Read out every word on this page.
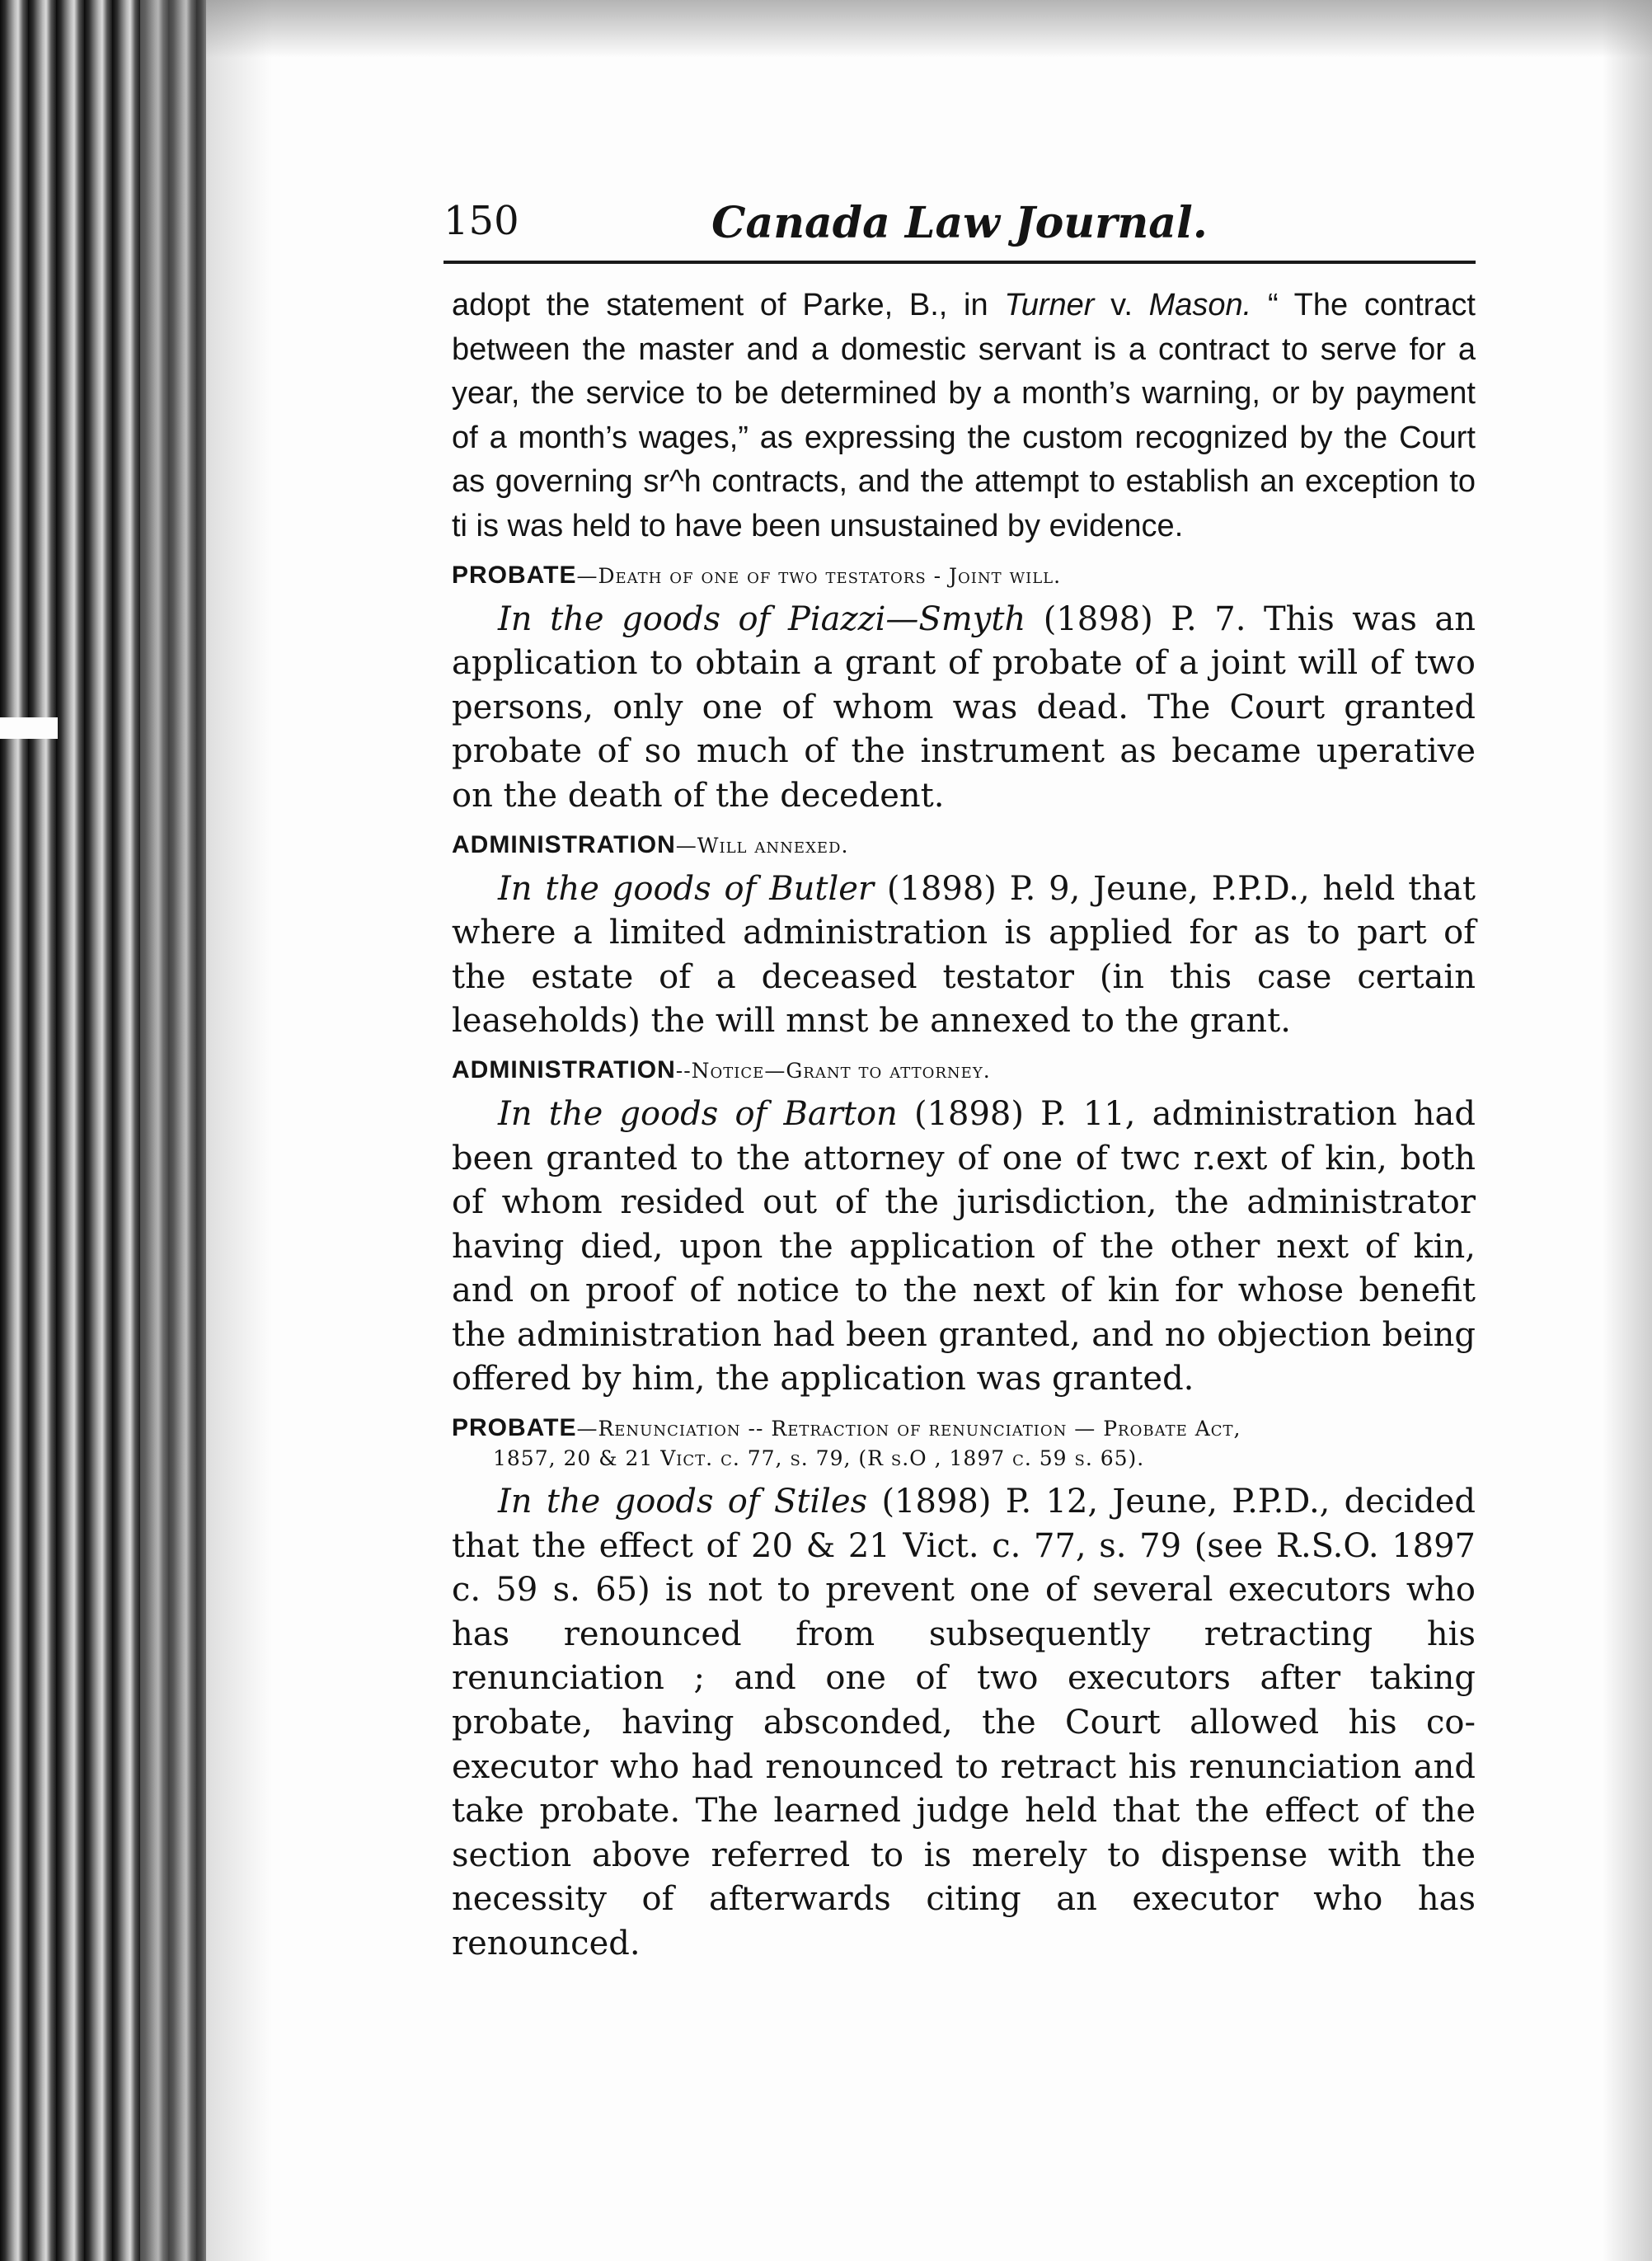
150	Canada Law Journal.

adopt the statement of Parke, B., in Turner v. Mason. “ The contract between the master and a domestic servant is a contract to serve for a year, the service to be determined by a month’s warning, or by payment of a month’s wages,” as expressing the custom recognized by the Court as governing sr^h contracts, and the attempt to establish an exception to ti is was held to have been unsustained by evidence.

PROBATE—Death of one of two testators - Joint will.

In the goods of Piazzi—Smyth (1898) P. 7. This was an application to obtain a grant of probate of a joint will of two persons, only one of whom was dead. The Court granted probate of so much of the instrument as became uperative on the death of the decedent.

ADMINISTRATION—Will annexed.

In the goods of Butler (1898) P. 9, Jeune, P.P.D., held that where a limited administration is applied for as to part of the estate of a deceased testator (in this case certain leaseholds) the will mnst be annexed to the grant.

ADMINISTRATION--Notice—Grant to attorney.

In the goods of Barton (1898) P. 11, administration had been granted to the attorney of one of twc r.ext of kin, both of whom resided out of the jurisdiction, the administrator having died, upon the application of the other next of kin, and on proof of notice to the next of kin for whose benefit the administration had been granted, and no objection being offered by him, the application was granted.

PROBATE—Renunciation -- Retraction of renunciation — Probate Act,
1857, 20 & 21 Vict. c. 77, s. 79, (R s.O , 1897 c. 59 s. 65).

In the goods of Stiles (1898) P. 12, Jeune, P.P.D., decided that the effect of 20 & 21 Vict. c. 77, s. 79 (see R.S.O. 1897 c. 59 s. 65) is not to prevent one of several executors who has renounced from subsequently retracting his renunciation ; and one of two executors after taking probate, having absconded, the Court allowed his co-executor who had renounced to retract his renunciation and take probate. The learned judge held that the effect of the section above referred to is merely to dispense with the necessity of afterwards citing an executor who has renounced.
